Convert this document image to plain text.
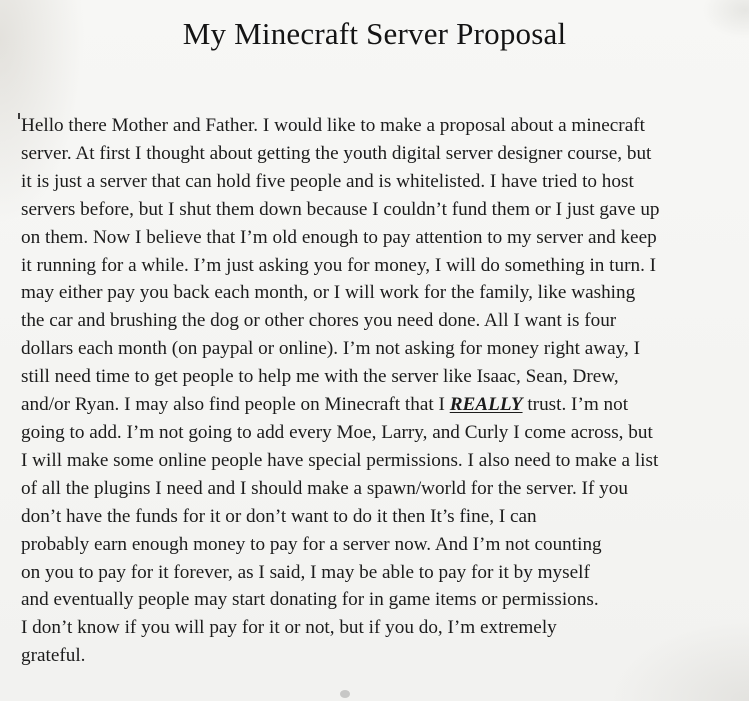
My Minecraft Server Proposal
Hello there Mother and Father. I would like to make a proposal about a minecraft
server. At first I thought about getting the youth digital server designer course, but
it is just a server that can hold five people and is whitelisted. I have tried to host
servers before, but I shut them down because I couldn’t fund them or I just gave up
on them. Now I believe that I’m old enough to pay attention to my server and keep
it running for a while. I’m just asking you for money, I will do something in turn. I
may either pay you back each month, or I will work for the family, like washing
the car and brushing the dog or other chores you need done. All I want is four
dollars each month (on paypal or online). I’m not asking for money right away, I
still need time to get people to help me with the server like Isaac, Sean, Drew,
and/or Ryan. I may also find people on Minecraft that I REALLY trust. I’m not
going to add. I’m not going to add every Moe, Larry, and Curly I come across, but
I will make some online people have special permissions. I also need to make a list
of all the plugins I need and I should make a spawn/world for the server. If you
don’t have the funds for it or don’t want to do it then It’s fine, I can
probably earn enough money to pay for a server now. And I’m not counting
on you to pay for it forever, as I said, I may be able to pay for it by myself
and eventually people may start donating for in game items or permissions.
I don’t know if you will pay for it or not, but if you do, I’m extremely
grateful.
